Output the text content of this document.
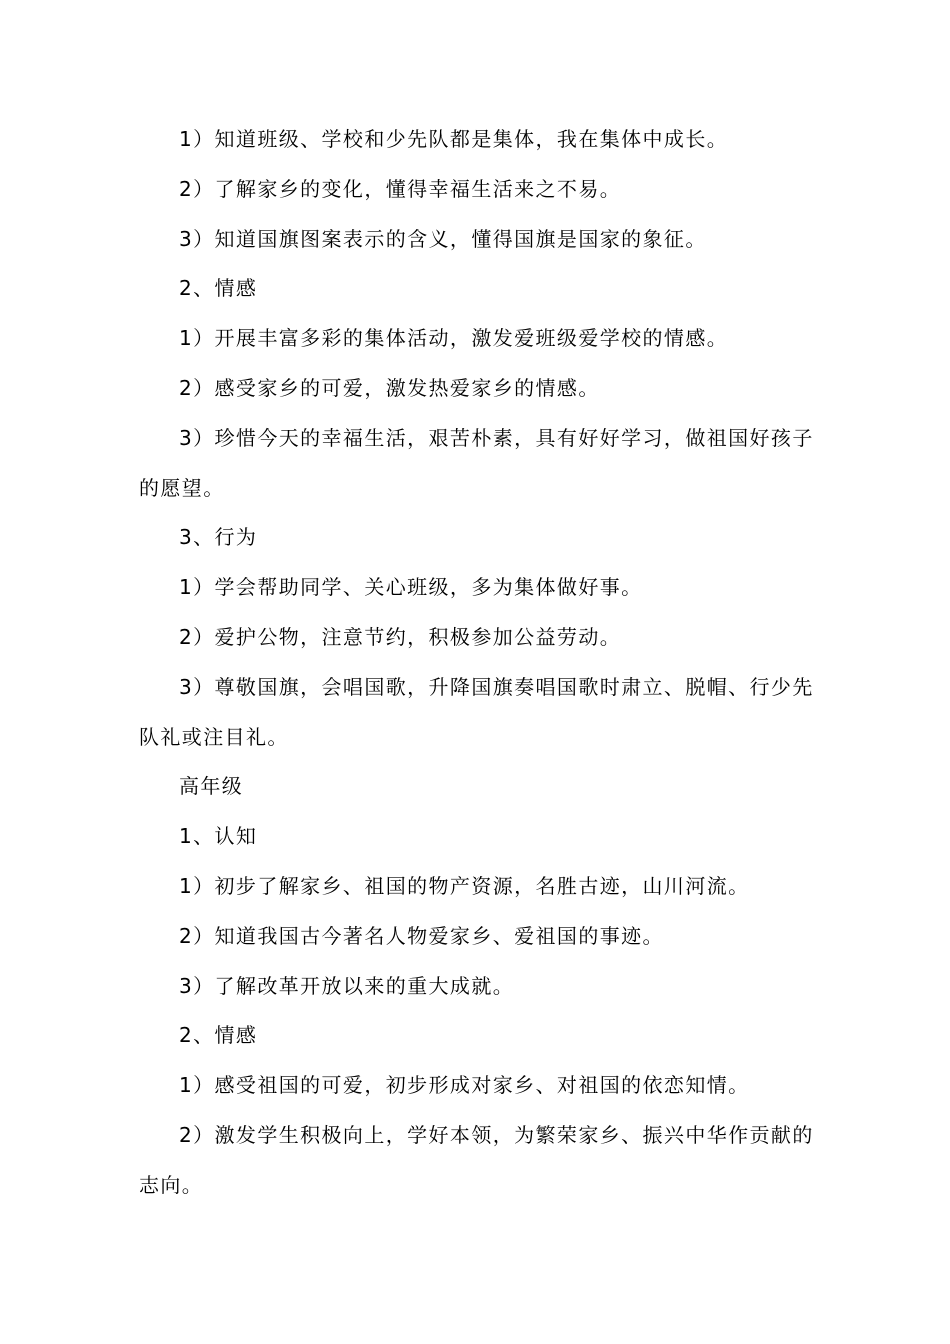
1）知道班级、学校和少先队都是集体，我在集体中成长。

2）了解家乡的变化，懂得幸福生活来之不易。

3）知道国旗图案表示的含义，懂得国旗是国家的象征。

2、情感

1）开展丰富多彩的集体活动，激发爱班级爱学校的情感。

2）感受家乡的可爱，激发热爱家乡的情感。

3）珍惜今天的幸福生活，艰苦朴素，具有好好学习，做祖国好孩子的愿望。

3、行为

1）学会帮助同学、关心班级，多为集体做好事。

2）爱护公物，注意节约，积极参加公益劳动。

3）尊敬国旗，会唱国歌，升降国旗奏唱国歌时肃立、脱帽、行少先队礼或注目礼。

高年级

1、认知

1）初步了解家乡、祖国的物产资源，名胜古迹，山川河流。

2）知道我国古今著名人物爱家乡、爱祖国的事迹。

3）了解改革开放以来的重大成就。

2、情感

1）感受祖国的可爱，初步形成对家乡、对祖国的依恋知情。

2）激发学生积极向上，学好本领，为繁荣家乡、振兴中华作贡献的志向。
